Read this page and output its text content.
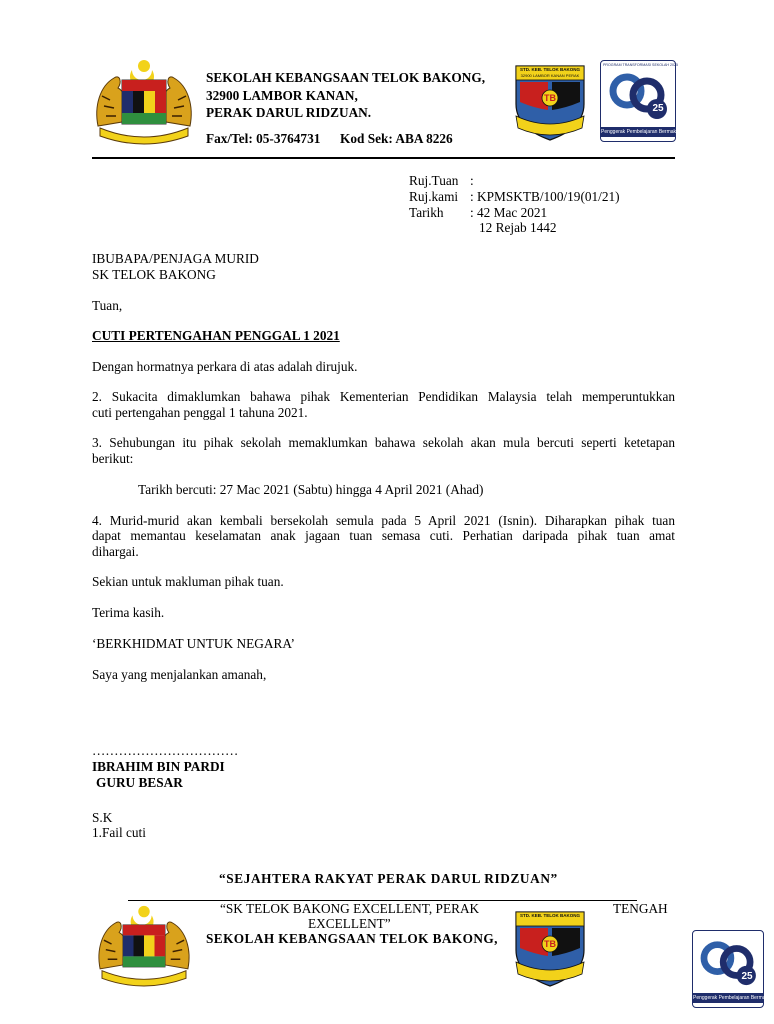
SEKOLAH KEBANGSAAN TELOK BAKONG,
32900 LAMBOR KANAN,
PERAK DARUL RIDZUAN.
Fax/Tel: 05-3764731 Kod Sek: ABA 8226
STD. KEB. TELOK BAKONG
32900 LAMBOR KANAN PERAK
TB
PROGRAM TRANSFORMASI SEKOLAH 2025
25
Penggerak Pembelajaran Bermakna
Ruj.Tuan :
Ruj.kami : KPMSKTB/100/19(01/21)
Tarikh : 42 Mac 2021
12 Rejab 1442
IBUBAPA/PENJAGA MURID
SK TELOK BAKONG
Tuan,
CUTI PERTENGAHAN PENGGAL 1 2021
Dengan hormatnya perkara di atas adalah dirujuk.
2. Sukacita dimaklumkan bahawa pihak Kementerian Pendidikan Malaysia telah memperuntukkan
cuti pertengahan penggal 1 tahuna 2021.
3. Sehubungan itu pihak sekolah memaklumkan bahawa sekolah akan mula bercuti seperti ketetapan
berikut:
Tarikh bercuti: 27 Mac 2021 (Sabtu) hingga 4 April 2021 (Ahad)
4. Murid-murid akan kembali bersekolah semula pada 5 April 2021 (Isnin). Diharapkan pihak tuan
dapat memantau keselamatan anak jagaan tuan semasa cuti. Perhatian daripada pihak tuan amat
dihargai.
Sekian untuk makluman pihak tuan.
Terima kasih.
‘BERKHIDMAT UNTUK NEGARA’
Saya yang menjalankan amanah,
……………………………
IBRAHIM BIN PARDI
GURU BESAR
S.K
1.Fail cuti
“SEJAHTERA RAKYAT PERAK DARUL RIDZUAN”
“SK TELOK BAKONG EXCELLENT, PERAK	TENGAH
EXCELLENT”
SEKOLAH KEBANGSAAN TELOK BAKONG,
STD. KEB. TELOK BAKONG
TB
25
Penggerak Pembelajaran Bermakna
